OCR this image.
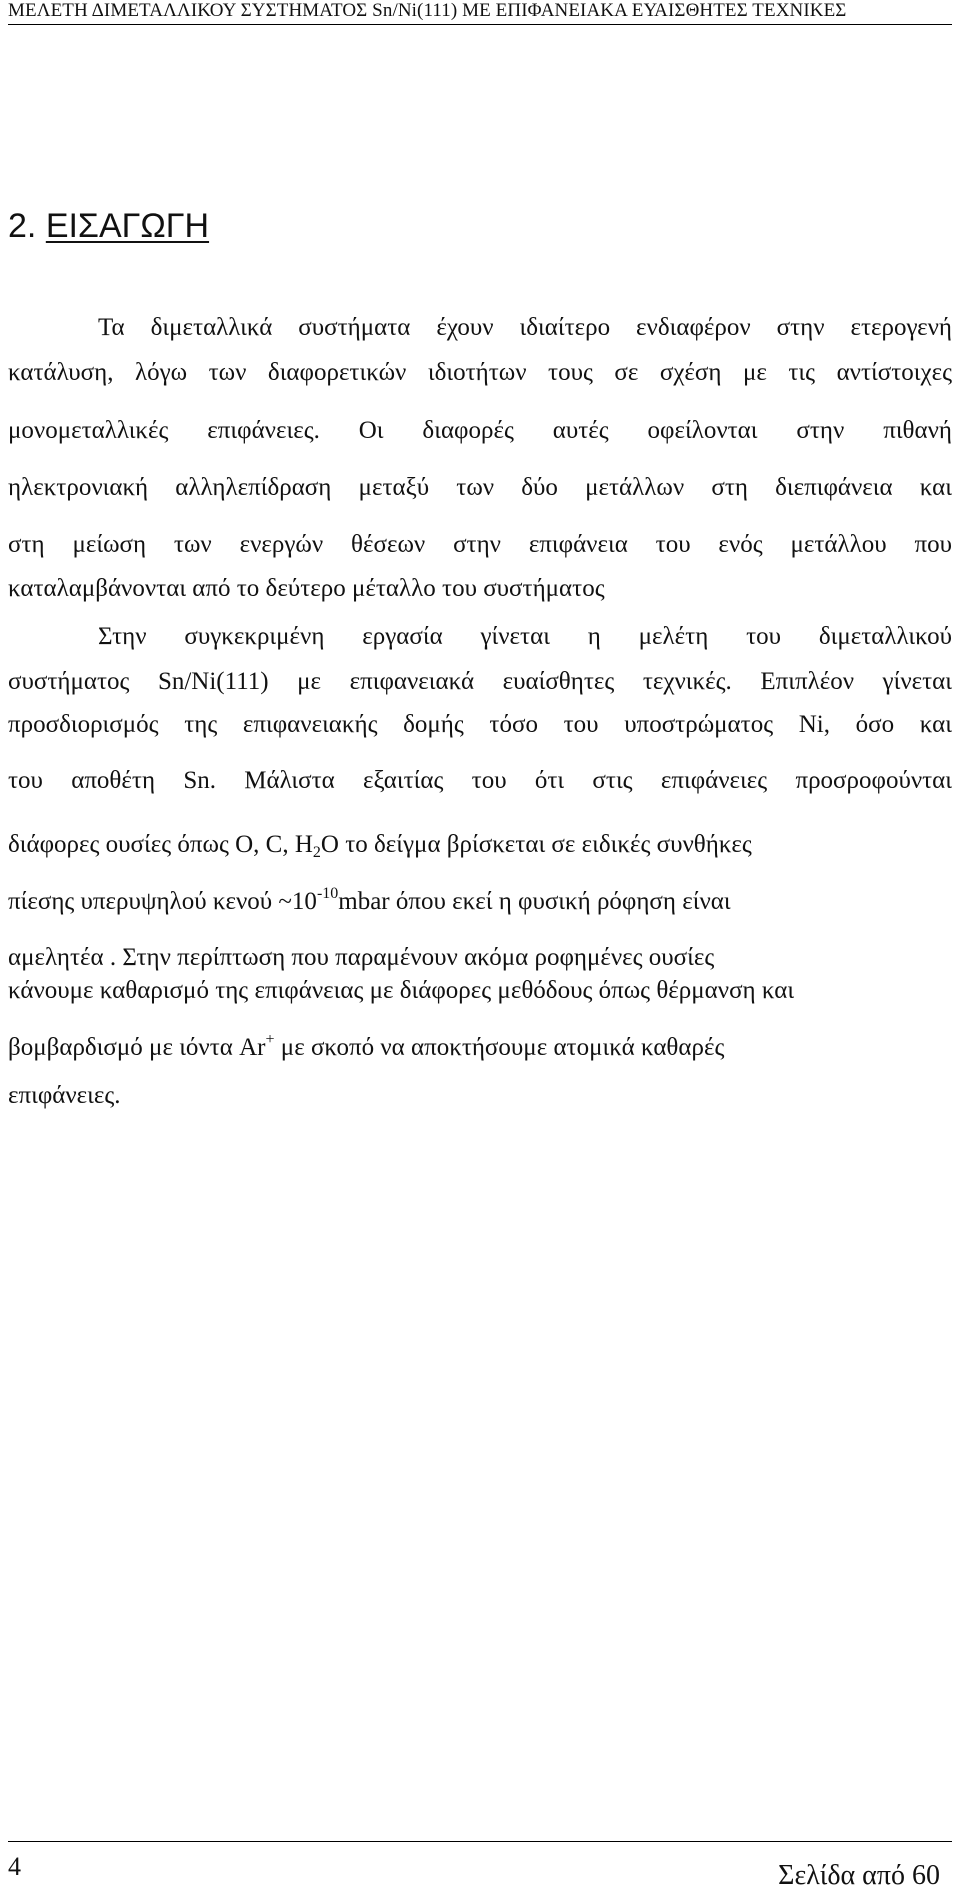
ΜΕΛΕΤΗ ΔΙΜΕΤΑΛΛΙΚΟΥ ΣΥΣΤΗΜΑΤΟΣ Sn/Ni(111) ΜΕ ΕΠΙΦΑΝΕΙΑΚΑ ΕΥΑΙΣΘΗΤΕΣ ΤΕΧΝΙΚΕΣ
2. ΕΙΣΑΓΩΓΗ
Τα διμεταλλικά συστήματα έχουν ιδιαίτερο ενδιαφέρον στην ετερογενή
κατάλυση, λόγω των διαφορετικών ιδιοτήτων τους σε σχέση με τις αντίστοιχες
μονομεταλλικές επιφάνειες. Οι διαφορές αυτές οφείλονται στην πιθανή
ηλεκτρονιακή αλληλεπίδραση μεταξύ των δύο μετάλλων στη διεπιφάνεια και
στη μείωση των ενεργών θέσεων στην επιφάνεια του ενός μετάλλου που
καταλαμβάνονται από το δεύτερο μέταλλο του συστήματος
Στην συγκεκριμένη εργασία γίνεται η μελέτη του διμεταλλικού
συστήματος Sn/Ni(111) με επιφανειακά ευαίσθητες τεχνικές. Επιπλέον γίνεται
προσδιορισμός της επιφανειακής δομής τόσο του υποστρώματος Ni, όσο και
του αποθέτη Sn. Μάλιστα εξαιτίας του ότι στις επιφάνειες προσροφούνται
διάφορες ουσίες όπως O, C, $H_2O$ το δείγμα βρίσκεται σε ειδικές συνθήκες
πίεσης υπερυψηλού κενού $\sim 10^{-10}mbar$ όπου εκεί η φυσική ρόφηση είναι
αμελητέα . Στην περίπτωση που παραμένουν ακόμα ροφημένες ουσίες
κάνουμε καθαρισμό της επιφάνειας με διάφορες μεθόδους όπως θέρμανση και
βομβαρδισμό με ιόντα Ar+ με σκοπό να αποκτήσουμε ατομικά καθαρές
επιφάνειες.
4	Σελίδα από 60
